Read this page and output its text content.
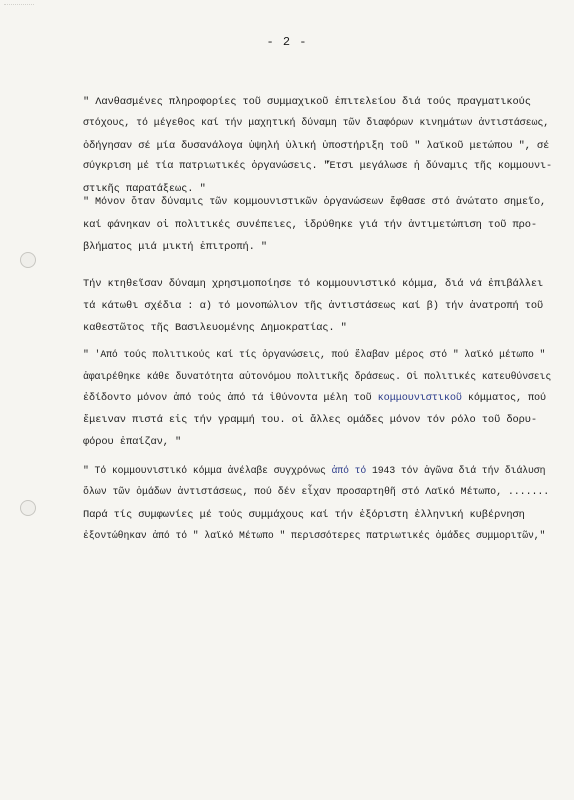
- 2 -
" Λανθασμένες πληροφορίες τοῦ συμμαχικοῦ ἐπιτελείου διά τούς πραγματικούς
στόχους, τό μέγεθος καί τήν μαχητική δύναμη τῶν διαφόρων κινημάτων ἀντιστάσεως,
ὁδήγησαν σέ μία δυσανάλογα ὑψηλή ὑλική ὑποστήριξη τοῦ " λαϊκοῦ μετώπου ", σέ
σύγκριση μέ τία πατριωτικές ὀργανώσεις. "Ἔτσι μεγάλωσε ἡ δύναμις τῆς κομμουνι-
στικῆς παρατάξεως. "
" Μόνον ὅταν δύναμις τῶν κομμουνιστικῶν ὀργανώσεων ἔφθασε στό ἀνώτατο σημεῖο,
καί φάνηκαν οἱ πολιτικές συνέπειες, ἱδρύθηκε γιά τήν ἀντιμετώπιση τοῦ προ-
βλήματος μιά μικτή ἐπιτροπή. "
Τήν κτηθεῖσαν δύναμη χρησιμοποίησε τό κομμουνιστικό κόμμα, διά νά ἐπιβάλλει
τά κάτωθι σχέδια : α) τό μονοπώλιον τῆς ἀντιστάσεως καί β) τήν ἀνατροπή τοῦ
καθεστῶτος τῆς Βασιλευομένης Δημοκρατίας. "
" 'Από τούς πολιτικούς καί τίς ὀργανώσεις, πού ἔλαβαν μέρος στό " λαϊκό μέτωπο "
ἀφαιρέθηκε κάθε δυνατότητα αὐτονόμου πολιτικῆς δράσεως. Οἱ πολιτικές κατευθύνσεις
ἐδίδοντο μόνον ἀπό τούς ἀπό τά ἰθύνοντα μέλη τοῦ κομμουνιστικοῦ κόμματος, πού
ἔμειναν πιστά εἰς τήν γραμμή του. οἱ ἄλλες ομάδες μόνον τόν ρόλο τοῦ δορυ-
φόρου ἐπαίζαν, "
" Τό κομμουνιστικό κόμμα ἀνέλαβε συγχρόνως ἀπό τό 1943 τόν ἀγῶνα διά τήν διάλυση
ὅλων τῶν ὁμάδων ἀντιστάσεως, πού δέν εἶχαν προσαρτηθῆ στό Λαϊκό Μέτωπο, .......
Παρά τίς συμφωνίες μέ τούς συμμάχους καί τήν ἐξόριστη ἑλληνική κυβέρνηση
ἐξοντώθηκαν ἀπό τό " λαϊκό Μέτωπο " περισσότερες πατριωτικές ὁμάδες συμμοριτῶν,"
